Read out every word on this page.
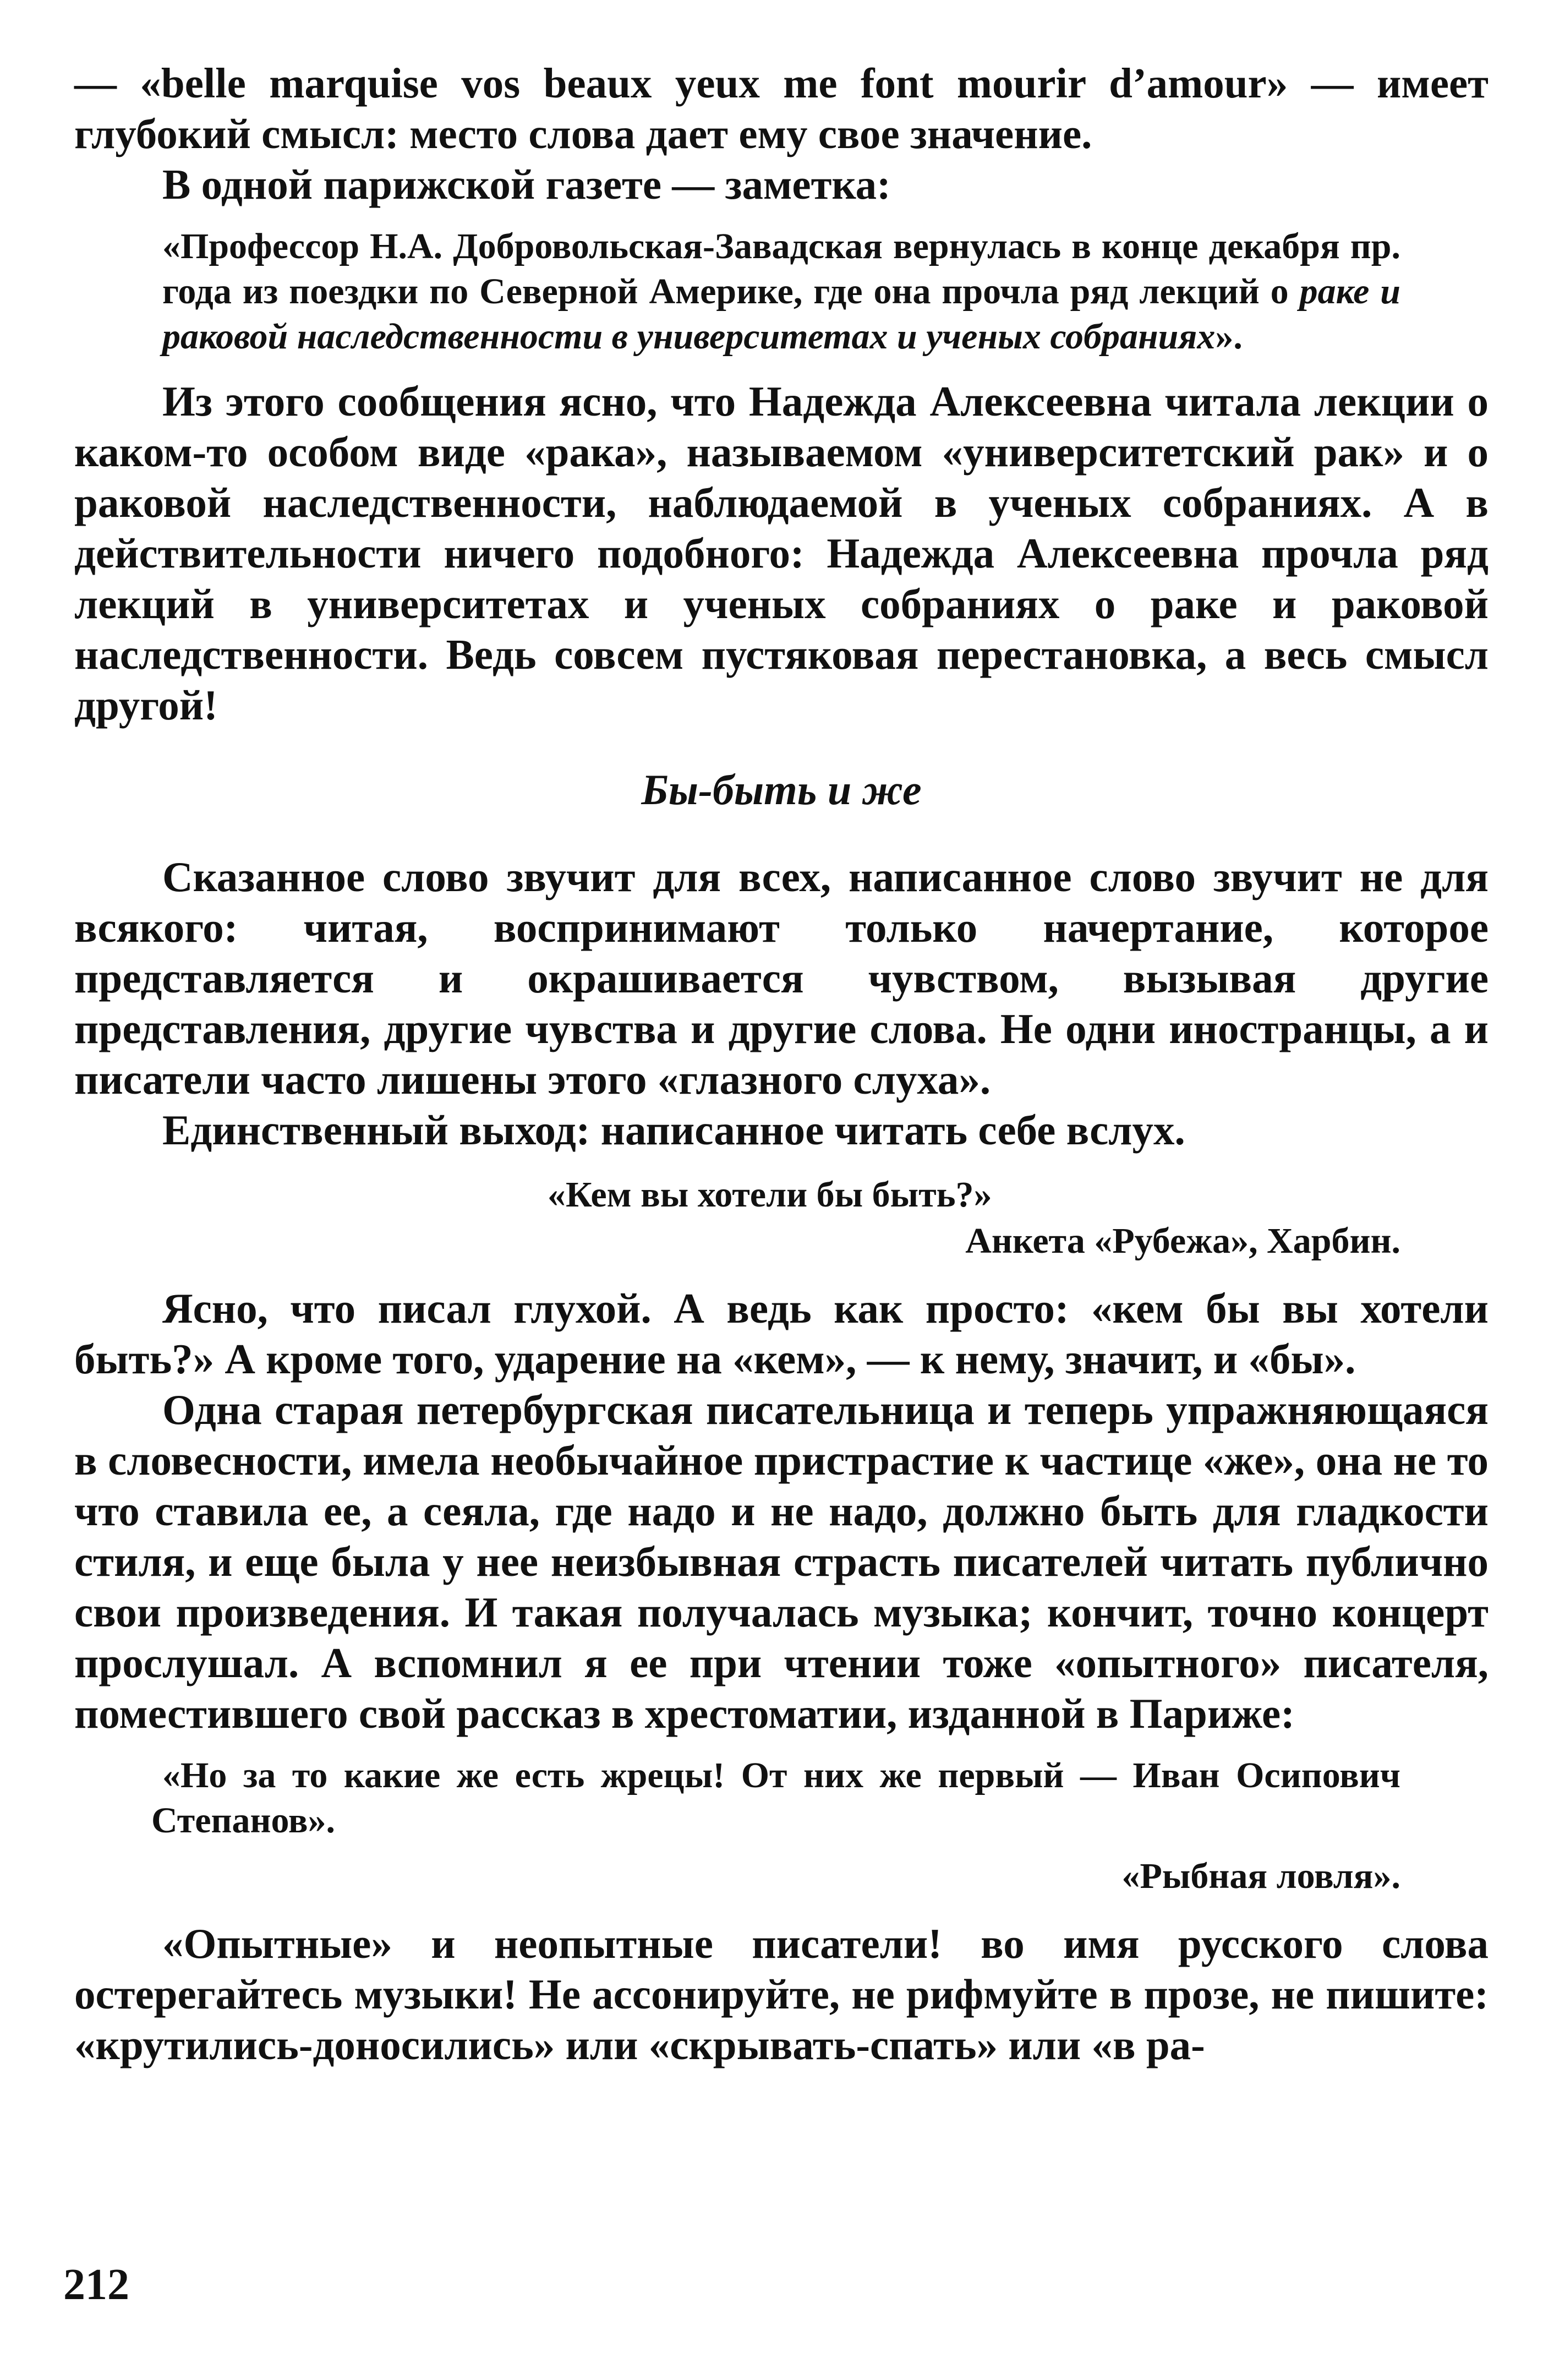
— «belle marquise vos beaux yeux me font mourir d’amour» — имеет глубокий смысл: место слова дает ему свое значение.

В одной парижской газете — заметка:

«Профессор Н.А. Добровольская-Завадская вернулась в конце декабря пр. года из поездки по Северной Америке, где она прочла ряд лекций о раке и раковой наследственности в университетах и ученых собраниях».

Из этого сообщения ясно, что Надежда Алексеевна читала лекции о каком-то особом виде «рака», называемом «университетский рак» и о раковой наследственности, наблюдаемой в ученых собраниях. А в действительности ничего подобного: Надежда Алексеевна прочла ряд лекций в университетах и ученых собраниях о раке и раковой наследственности. Ведь совсем пустяковая перестановка, а весь смысл другой!

Бы-быть и же

Сказанное слово звучит для всех, написанное слово звучит не для всякого: читая, воспринимают только начертание, которое представляется и окрашивается чувством, вызывая другие представления, другие чувства и другие слова. Не одни иностранцы, а и писатели часто лишены этого «глазного слуха».

Единственный выход: написанное читать себе вслух.

«Кем вы хотели бы быть?»

Анкета «Рубежа», Харбин.

Ясно, что писал глухой. А ведь как просто: «кем бы вы хотели быть?» А кроме того, ударение на «кем», — к нему, значит, и «бы».

Одна старая петербургская писательница и теперь упражняющаяся в словесности, имела необычайное пристрастие к частице «же», она не то что ставила ее, а сеяла, где надо и не надо, должно быть для гладкости стиля, и еще была у нее неизбывная страсть писателей читать публично свои произведения. И такая получалась музыка; кончит, точно концерт прослушал. А вспомнил я ее при чтении тоже «опытного» писателя, поместившего свой рассказ в хрестоматии, изданной в Париже:

«Но за то какие же есть жрецы! От них же первый — Иван Осипович Степанов».

«Рыбная ловля».

«Опытные» и неопытные писатели! во имя русского слова остерегайтесь музыки! Не ассонируйте, не рифмуйте в прозе, не пишите: «крутились-доносились» или «скрывать-спать» или «в ра-

212
